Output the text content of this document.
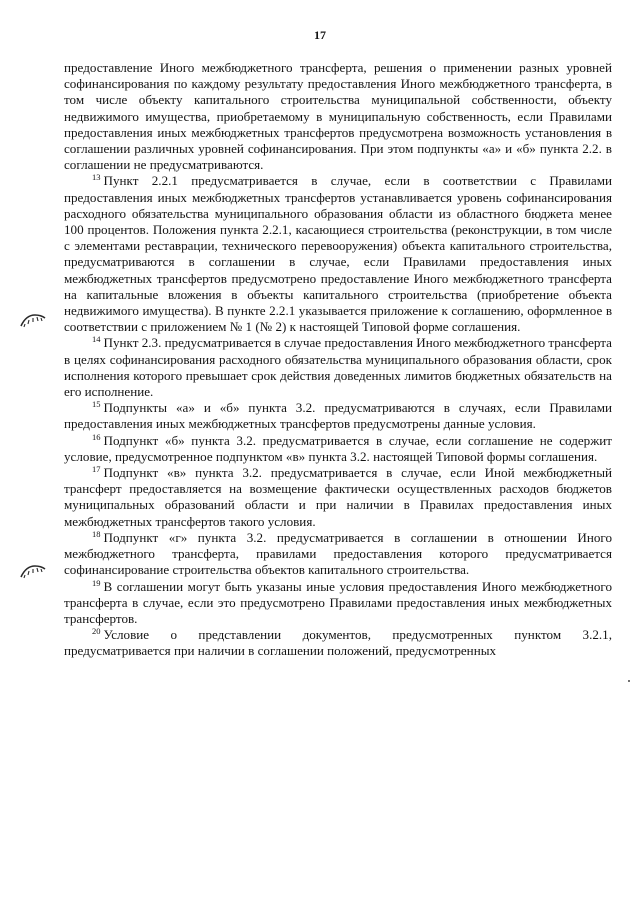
17

предоставление Иного межбюджетного трансферта, решения о применении разных уровней софинансирования по каждому результату предоставления Иного межбюджетного трансферта, в том числе объекту капитального строительства муниципальной собственности, объекту недвижимого имущества, приобретаемому в муниципальную собственность, если Правилами предоставления иных межбюджетных трансфертов предусмотрена возможность установления в соглашении различных уровней софинансирования. При этом подпункты «а» и «б» пункта 2.2. в соглашении не предусматриваются.

$^{13}$ Пункт 2.2.1 предусматривается в случае, если в соответствии с Правилами предоставления иных межбюджетных трансфертов устанавливается уровень софинансирования расходного обязательства муниципального образования области из областного бюджета менее 100 процентов. Положения пункта 2.2.1, касающиеся строительства (реконструкции, в том числе с элементами реставрации, технического перевооружения) объекта капитального строительства, предусматриваются в соглашении в случае, если Правилами предоставления иных межбюджетных трансфертов предусмотрено предоставление Иного межбюджетного трансферта на капитальные вложения в объекты капитального строительства (приобретение объекта недвижимого имущества). В пункте 2.2.1 указывается приложение к соглашению, оформленное в соответствии с приложением № 1 (№ 2) к настоящей Типовой форме соглашения.

$^{14}$ Пункт 2.3. предусматривается в случае предоставления Иного межбюджетного трансферта в целях софинансирования расходного обязательства муниципального образования области, срок исполнения которого превышает срок действия доведенных лимитов бюджетных обязательств на его исполнение.

$^{15}$ Подпункты «а» и «б» пункта 3.2. предусматриваются в случаях, если Правилами предоставления иных межбюджетных трансфертов предусмотрены данные условия.

$^{16}$ Подпункт «б» пункта 3.2. предусматривается в случае, если соглашение не содержит условие, предусмотренное подпунктом «в» пункта 3.2. настоящей Типовой формы соглашения.

$^{17}$ Подпункт «в» пункта 3.2. предусматривается в случае, если Иной межбюджетный трансферт предоставляется на возмещение фактически осуществленных расходов бюджетов муниципальных образований области и при наличии в Правилах предоставления иных межбюджетных трансфертов такого условия.

$^{18}$ Подпункт «г» пункта 3.2. предусматривается в соглашении в отношении Иного межбюджетного трансферта, правилами предоставления которого предусматривается софинансирование строительства объектов капитального строительства.

$^{19}$ В соглашении могут быть указаны иные условия предоставления Иного межбюджетного трансферта в случае, если это предусмотрено Правилами предоставления иных межбюджетных трансфертов.

$^{20}$ Условие о представлении документов, предусмотренных пунктом 3.2.1, предусматривается при наличии в соглашении положений, предусмотренных
